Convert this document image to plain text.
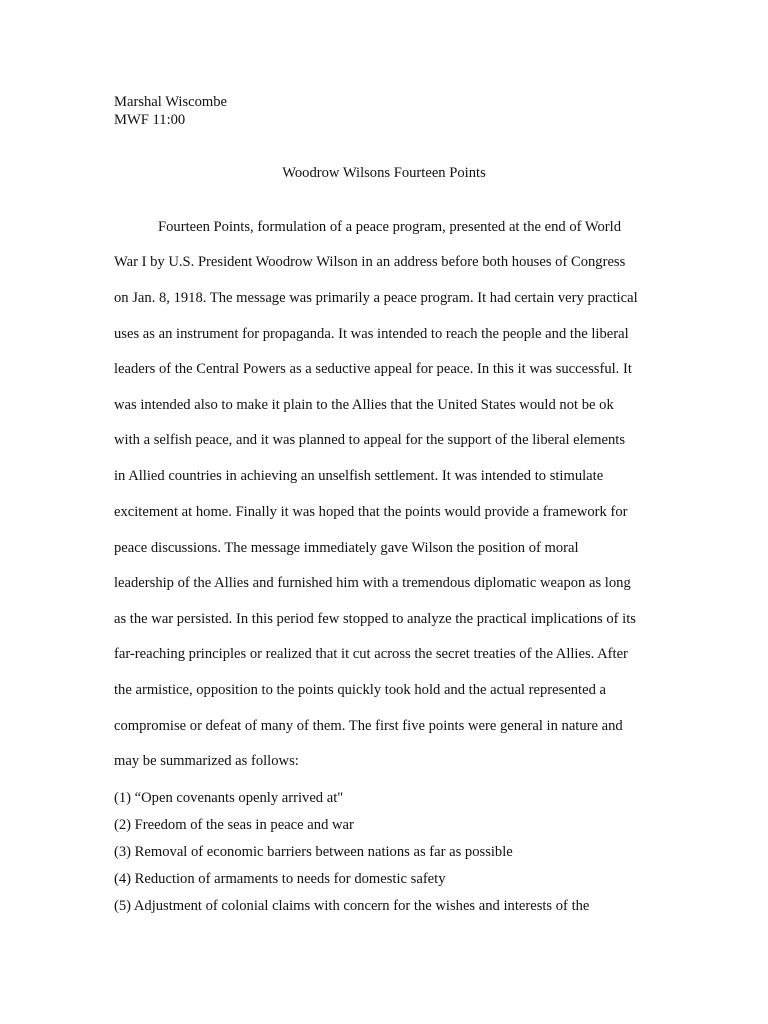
Marshal Wiscombe
MWF 11:00
Woodrow Wilsons Fourteen Points
Fourteen Points, formulation of a peace program, presented at the end of World
War I by U.S. President Woodrow Wilson in an address before both houses of Congress
on Jan. 8, 1918. The message was primarily a peace program. It had certain very practical
uses as an instrument for propaganda. It was intended to reach the people and the liberal
leaders of the Central Powers as a seductive appeal for peace. In this it was successful. It
was intended also to make it plain to the Allies that the United States would not be ok
with a selfish peace, and it was planned to appeal for the support of the liberal elements
in Allied countries in achieving an unselfish settlement. It was intended to stimulate
excitement at home. Finally it was hoped that the points would provide a framework for
peace discussions. The message immediately gave Wilson the position of moral
leadership of the Allies and furnished him with a tremendous diplomatic weapon as long
as the war persisted. In this period few stopped to analyze the practical implications of its
far-reaching principles or realized that it cut across the secret treaties of the Allies. After
the armistice, opposition to the points quickly took hold and the actual represented a
compromise or defeat of many of them. The first five points were general in nature and
may be summarized as follows:
(1) “Open covenants openly arrived at"
(2) Freedom of the seas in peace and war
(3) Removal of economic barriers between nations as far as possible
(4) Reduction of armaments to needs for domestic safety
(5) Adjustment of colonial claims with concern for the wishes and interests of the
